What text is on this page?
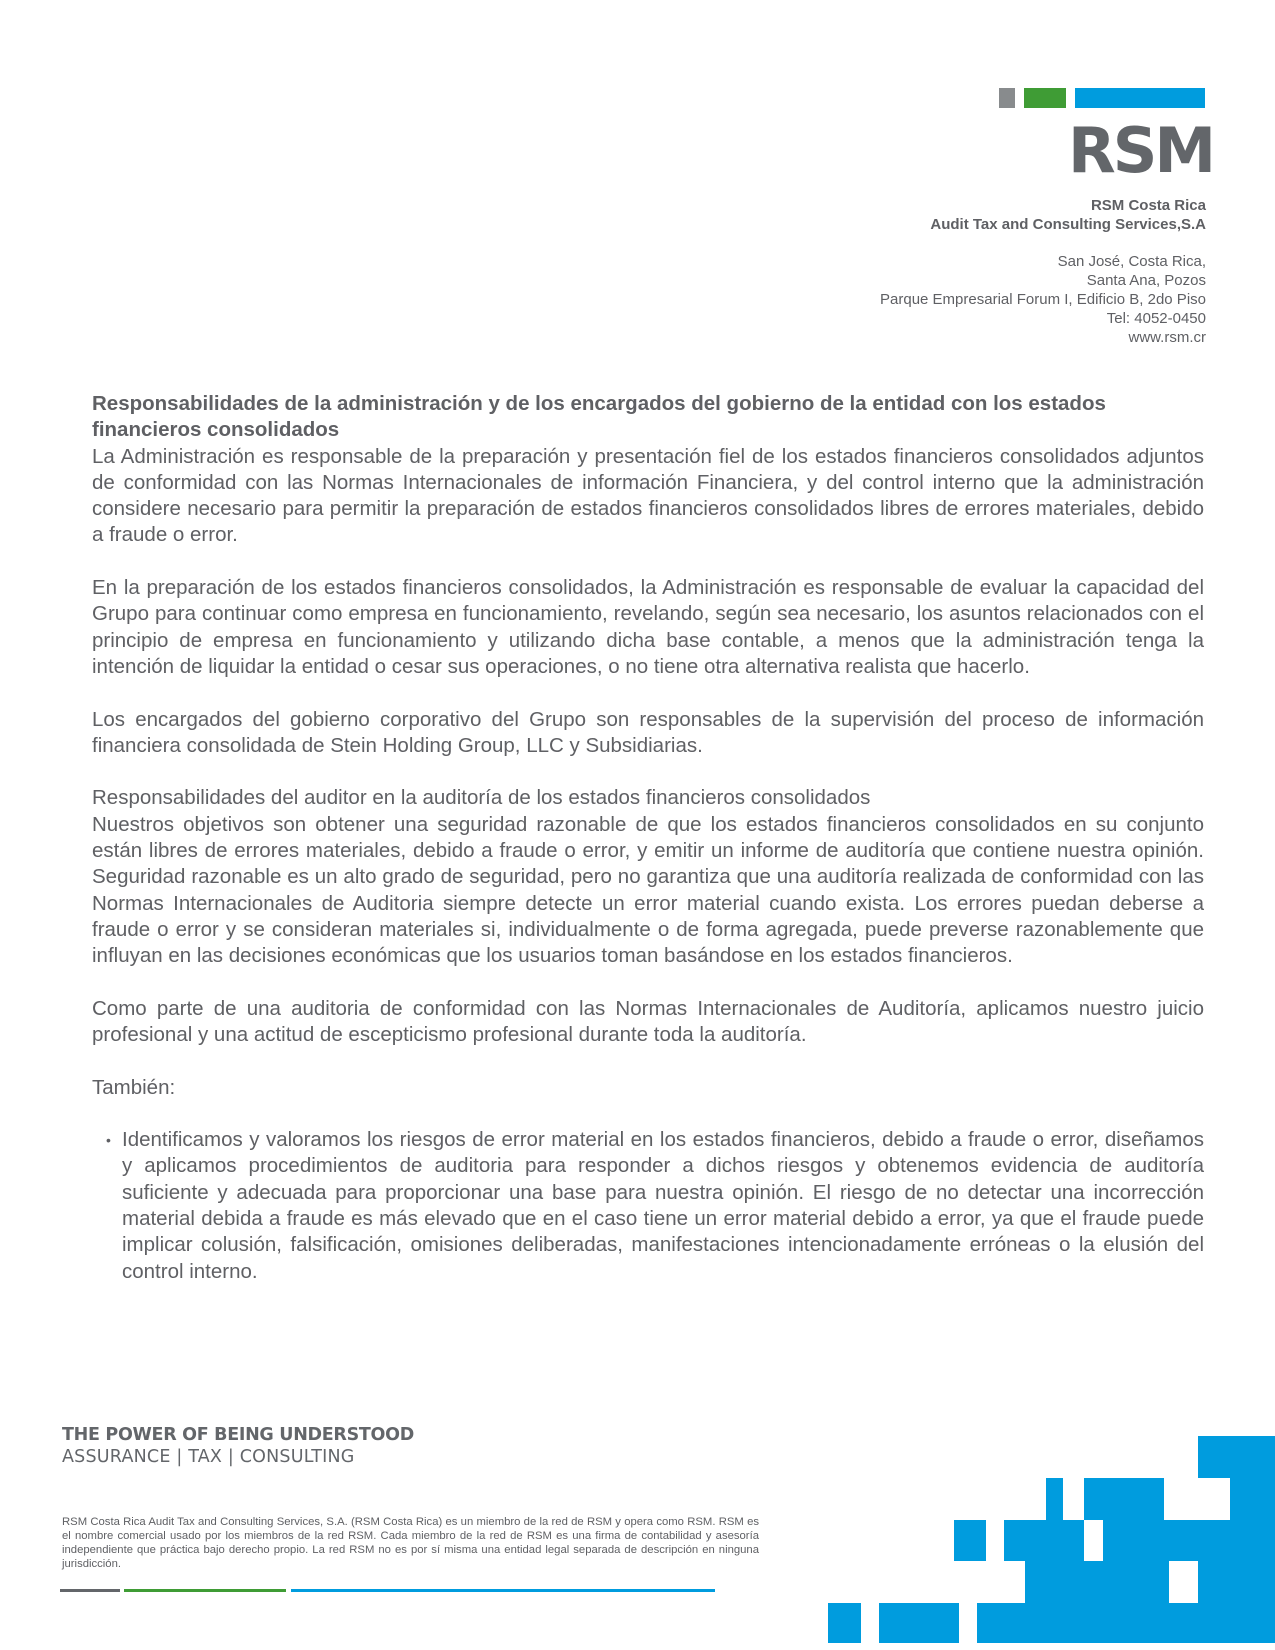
RSM
RSM Costa Rica
Audit Tax and Consulting Services,S.A
San José, Costa Rica,
Santa Ana, Pozos
Parque Empresarial Forum I, Edificio B, 2do Piso
Tel: 4052-0450
www.rsm.cr

Responsabilidades de la administración y de los encargados del gobierno de la entidad con los estados financieros consolidados

La Administración es responsable de la preparación y presentación fiel de los estados financieros consolidados adjuntos de conformidad con las Normas Internacionales de información Financiera, y del control interno que la administración considere necesario para permitir la preparación de estados financieros consolidados libres de errores materiales, debido a fraude o error.

En la preparación de los estados financieros consolidados, la Administración es responsable de evaluar la capacidad del Grupo para continuar como empresa en funcionamiento, revelando, según sea necesario, los asuntos relacionados con el principio de empresa en funcionamiento y utilizando dicha base contable, a menos que la administración tenga la intención de liquidar la entidad o cesar sus operaciones, o no tiene otra alternativa realista que hacerlo.

Los encargados del gobierno corporativo del Grupo son responsables de la supervisión del proceso de información financiera consolidada de Stein Holding Group, LLC y Subsidiarias.

Responsabilidades del auditor en la auditoría de los estados financieros consolidados

Nuestros objetivos son obtener una seguridad razonable de que los estados financieros consolidados en su conjunto están libres de errores materiales, debido a fraude o error, y emitir un informe de auditoría que contiene nuestra opinión. Seguridad razonable es un alto grado de seguridad, pero no garantiza que una auditoría realizada de conformidad con las Normas Internacionales de Auditoria siempre detecte un error material cuando exista. Los errores puedan deberse a fraude o error y se consideran materiales si, individualmente o de forma agregada, puede preverse razonablemente que influyan en las decisiones económicas que los usuarios toman basándose en los estados financieros.

Como parte de una auditoria de conformidad con las Normas Internacionales de Auditoría, aplicamos nuestro juicio profesional y una actitud de escepticismo profesional durante toda la auditoría.

También:

• Identificamos y valoramos los riesgos de error material en los estados financieros, debido a fraude o error, diseñamos y aplicamos procedimientos de auditoria para responder a dichos riesgos y obtenemos evidencia de auditoría suficiente y adecuada para proporcionar una base para nuestra opinión. El riesgo de no detectar una incorrección material debida a fraude es más elevado que en el caso tiene un error material debido a error, ya que el fraude puede implicar colusión, falsificación, omisiones deliberadas, manifestaciones intencionadamente erróneas o la elusión del control interno.
THE POWER OF BEING UNDERSTOOD
ASSURANCE | TAX | CONSULTING
RSM Costa Rica Audit Tax and Consulting Services, S.A. (RSM Costa Rica) es un miembro de la red de RSM y opera como RSM. RSM es el nombre comercial usado por los miembros de la red RSM. Cada miembro de la red de RSM es una firma de contabilidad y asesoría independiente que práctica bajo derecho propio. La red RSM no es por sí misma una entidad legal separada de descripción en ninguna jurisdicción.
